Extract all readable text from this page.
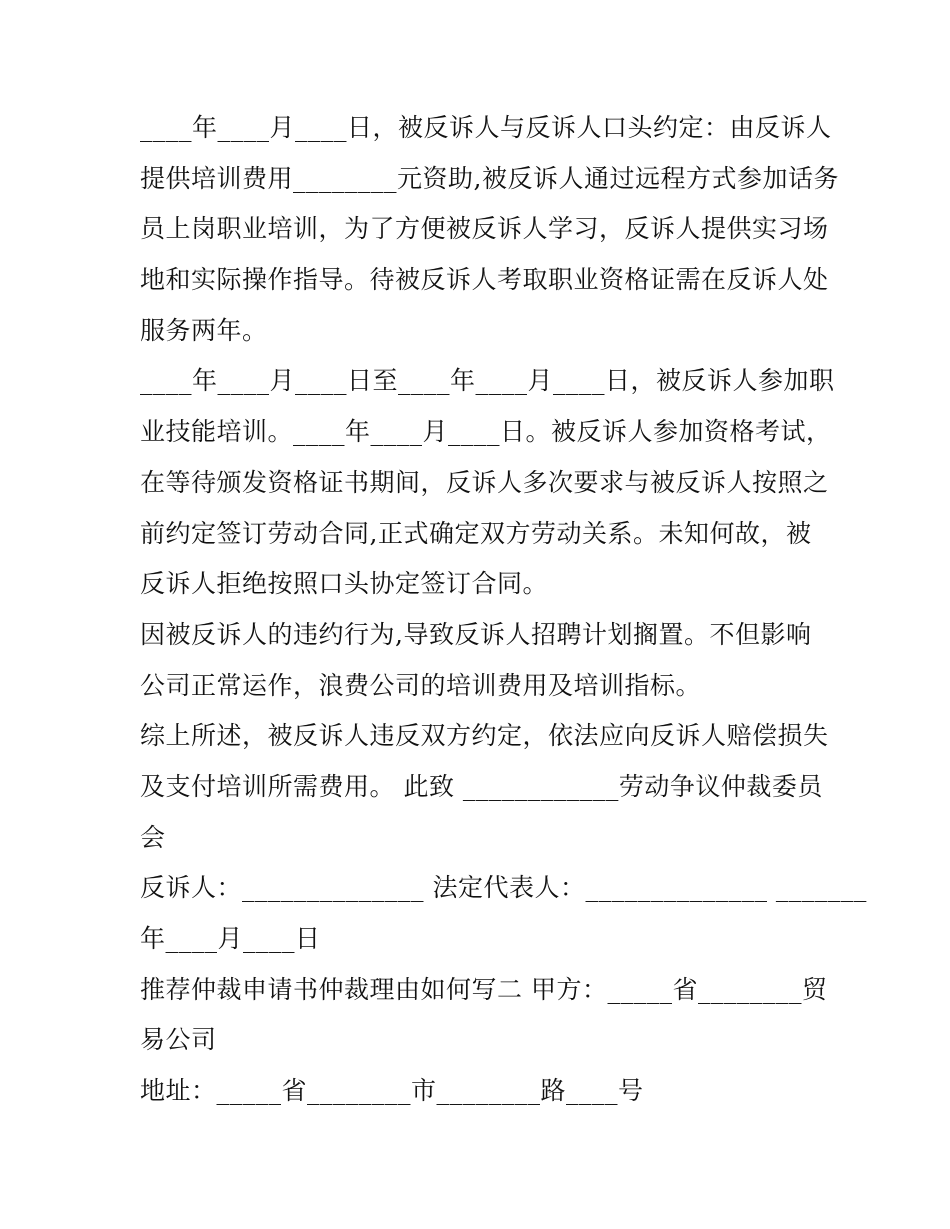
____年____月____日，被反诉人与反诉人口头约定：由反诉人
提供培训费用________元资助,被反诉人通过远程方式参加话务
员上岗职业培训，为了方便被反诉人学习，反诉人提供实习场
地和实际操作指导。待被反诉人考取职业资格证需在反诉人处
服务两年。
____年____月____日至____年____月____日，被反诉人参加职
业技能培训。____年____月____日。被反诉人参加资格考试，
在等待颁发资格证书期间，反诉人多次要求与被反诉人按照之
前约定签订劳动合同,正式确定双方劳动关系。未知何故，被
反诉人拒绝按照口头协定签订合同。
因被反诉人的违约行为,导致反诉人招聘计划搁置。不但影响
公司正常运作，浪费公司的培训费用及培训指标。
综上所述，被反诉人违反双方约定，依法应向反诉人赔偿损失
及支付培训所需费用。 此致 ____________劳动争议仲裁委员
会
反诉人：______________ 法定代表人：______________ _______
年____月____日
推荐仲裁申请书仲裁理由如何写二 甲方：_____省________贸
易公司
地址：_____省________市________路____号
